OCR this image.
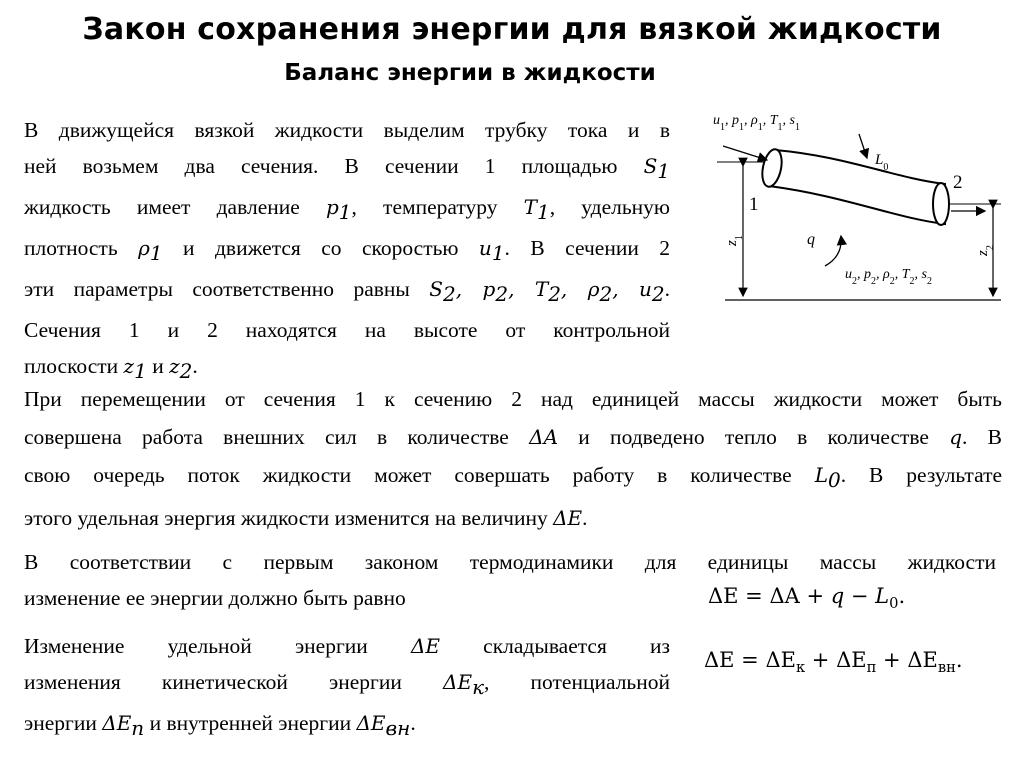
Закон сохранения энергии для вязкой жидкости
Баланс энергии в жидкости
В движущейся вязкой жидкости выделим трубку тока и в
ней возьмем два сечения. В сечении 1 площадью $S_1$
жидкость имеет давление $p_1$, температуру $T_1$, удельную
плотность $\rho_1$ и движется со скоростью $u_1$. В сечении 2
эти параметры соответственно равны $S_2$, $p_2$, $T_2$, $\rho_2$, $u_2$.
Сечения 1 и 2 находятся на высоте от контрольной
плоскости $z_1$ и $z_2$.
$u_1$, $p_1$, $\rho_1$, $T_1$, $s_1$
$u_2$, $p_2$, $\rho_2$, $T_2$, $s_2$
$L_0$
q
1
2
$z_1$
$z_2$
При перемещении от сечения 1 к сечению 2 над единицей массы жидкости может быть
совершена работа внешних сил в количестве ΔA и подведено тепло в количестве q. В
свою очередь поток жидкости может совершать работу в количестве $L_0$. В результате
этого удельная энергия жидкости изменится на величину ΔE.
В соответствии с первым законом термодинамики для единицы массы жидкости
изменение ее энергии должно быть равно	$\Delta E = \Delta A + q - L_0$.
Изменение удельной энергии ΔE складывается из
изменения кинетической энергии $\Delta E_к$, потенциальной
энергии $\Delta E_п$ и внутренней энергии $\Delta E_{вн}$.
$\Delta E = \Delta E_к + \Delta E_п + \Delta E_{вн}$.
